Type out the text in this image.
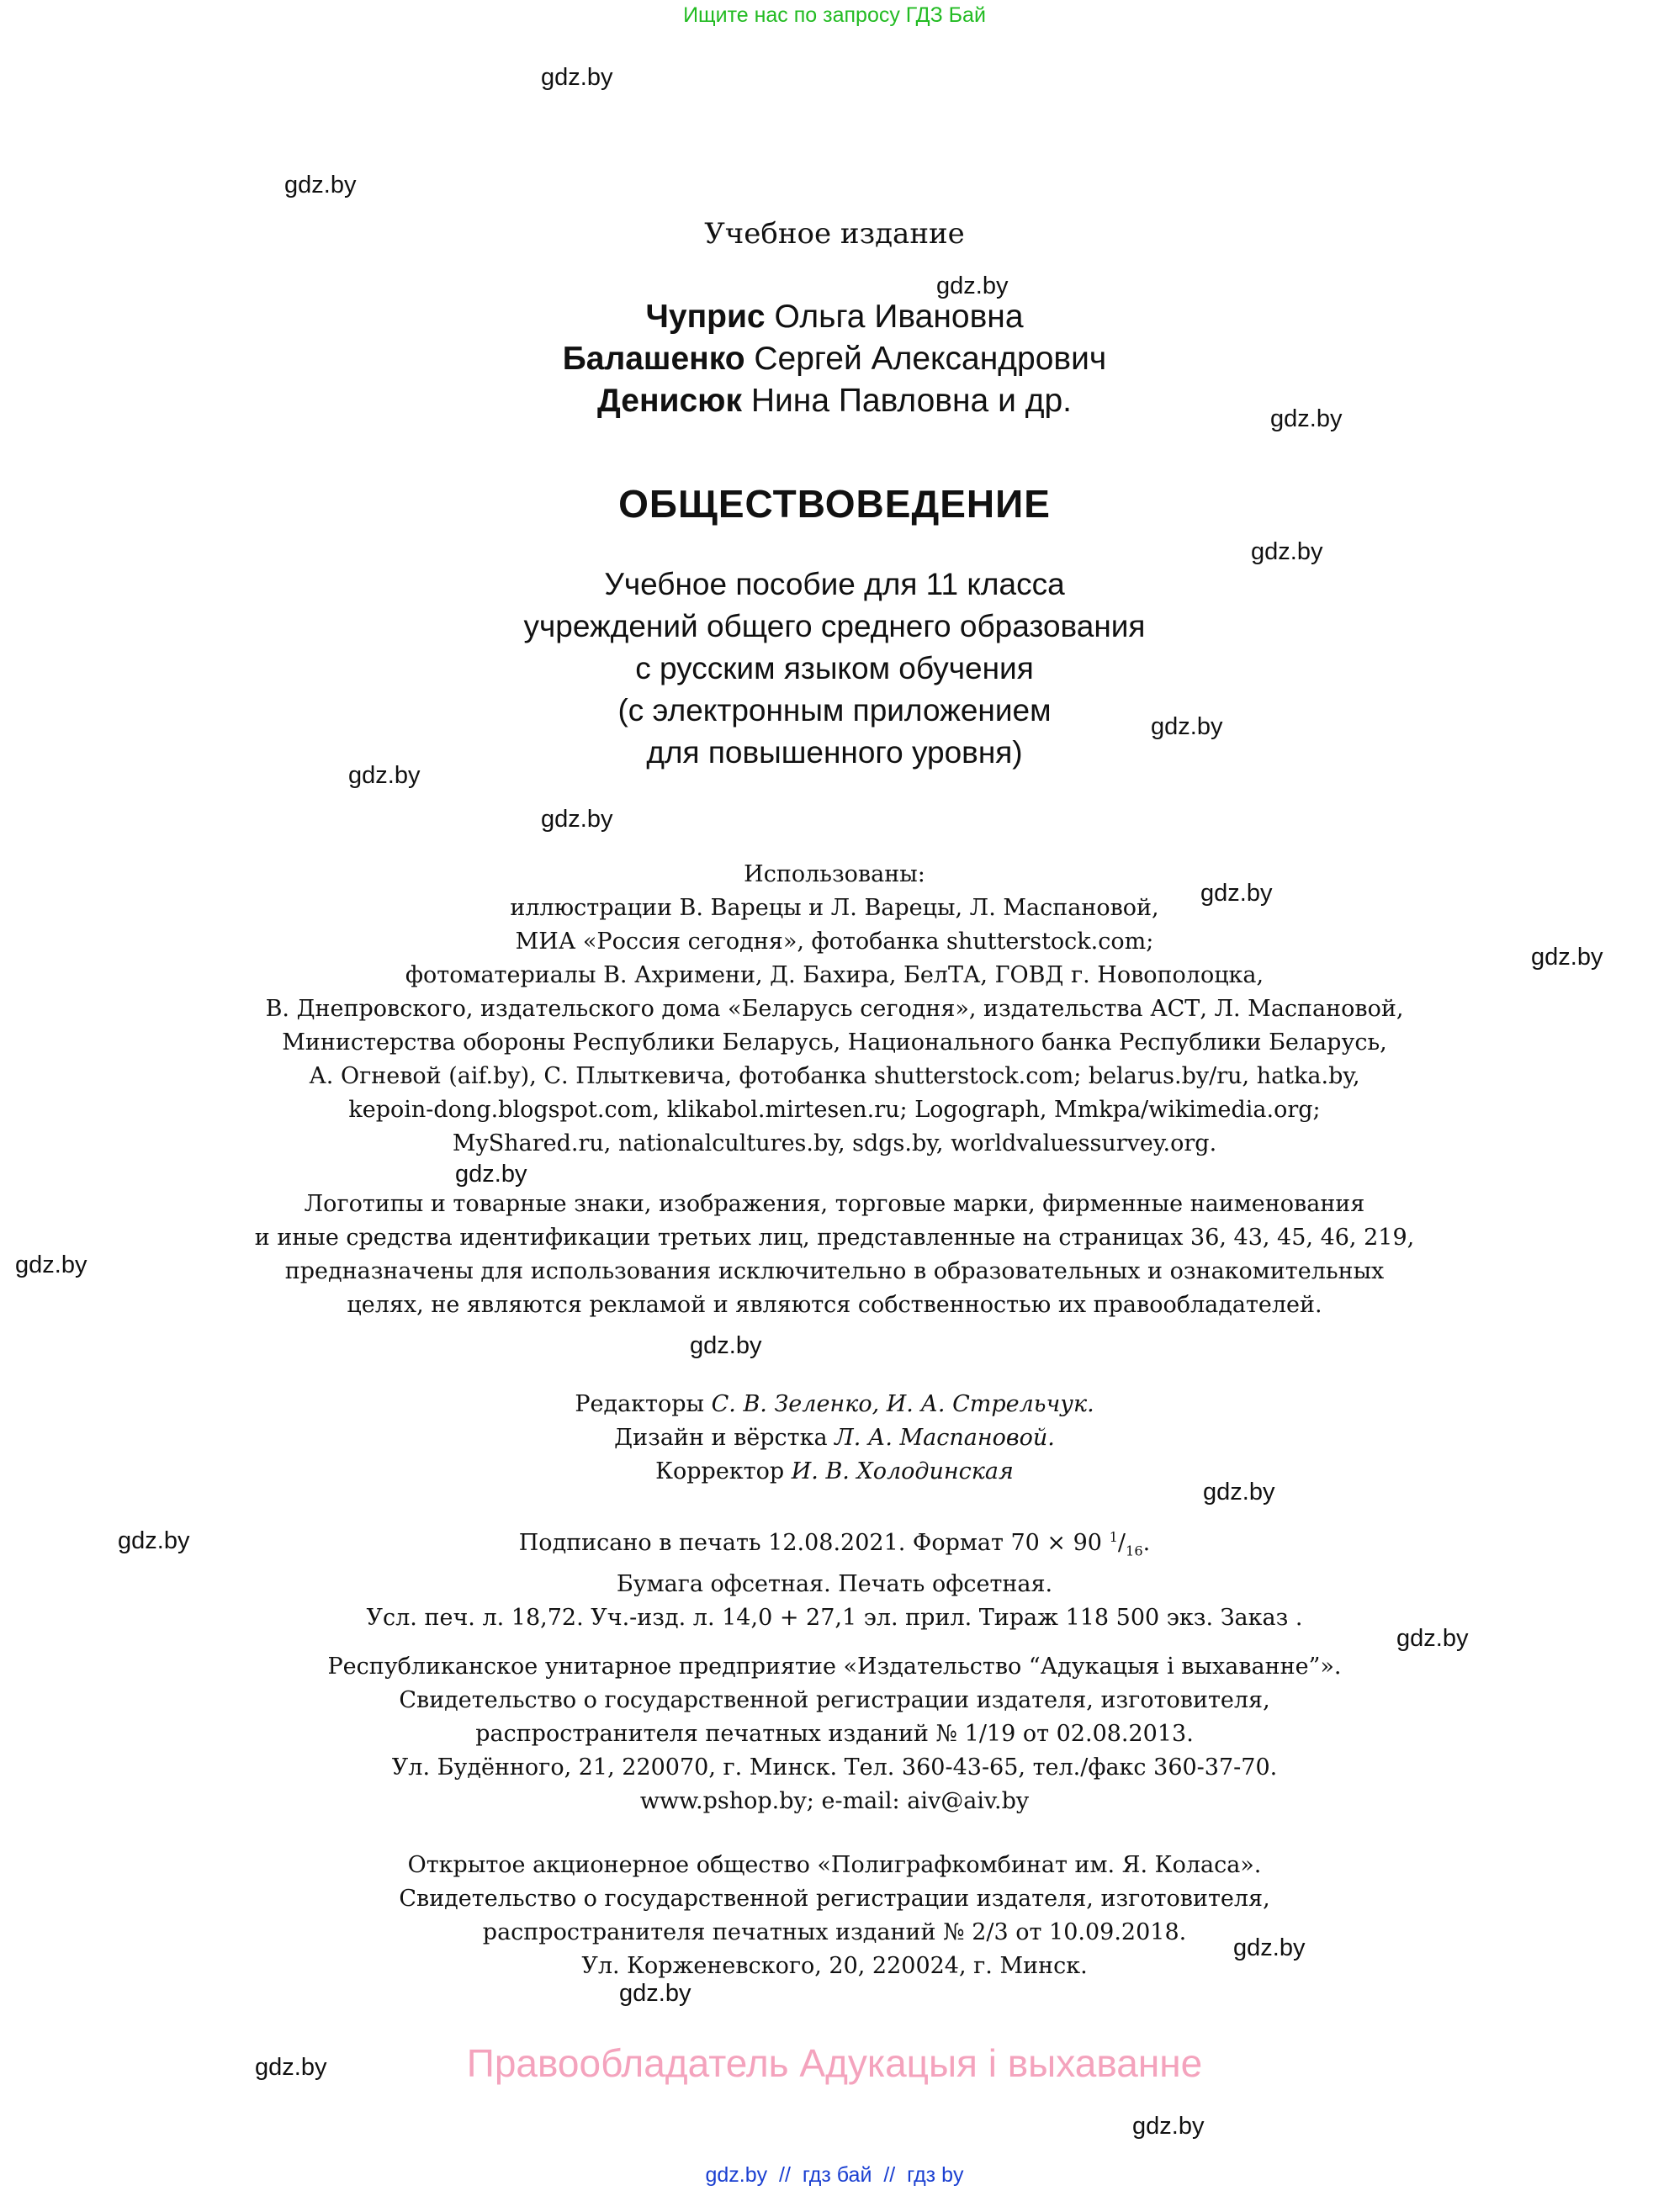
Ищите нас по запросу ГДЗ Бай
gdz.by
gdz.by
gdz.by
gdz.by
gdz.by
gdz.by
gdz.by
gdz.by
gdz.by
gdz.by
gdz.by
gdz.by
gdz.by
gdz.by
gdz.by
gdz.by
gdz.by
gdz.by
gdz.by
gdz.by
Учебное издание
Чуприс Ольга Ивановна
Балашенко Сергей Александрович
Денисюк Нина Павловна и др.
ОБЩЕСТВОВЕДЕНИЕ
Учебное пособие для 11 класса
учреждений общего среднего образования
с русским языком обучения
(с электронным приложением
для повышенного уровня)
Использованы:
иллюстрации В. Варецы и Л. Варецы, Л. Маспановой,
МИА «Россия сегодня», фотобанка shutterstock.com;
фотоматериалы В. Ахримени, Д. Бахира, БелТА, ГОВД г. Новополоцка,
В. Днепровского, издательского дома «Беларусь сегодня», издательства АСТ, Л. Маспановой,
Министерства обороны Республики Беларусь, Национального банка Республики Беларусь,
А. Огневой (aif.by), С. Плыткевича, фотобанка shutterstock.com; belarus.by/ru, hatka.by,
kepoin-dong.blogspot.com, klikabol.mirtesen.ru; Logograph, Mmkpa/wikimedia.org;
MyShared.ru, nationalcultures.by, sdgs.by, worldvaluessurvey.org.
Логотипы и товарные знаки, изображения, торговые марки, фирменные наименования
и иные средства идентификации третьих лиц, представленные на страницах 36, 43, 45, 46, 219,
предназначены для использования исключительно в образовательных и ознакомительных
целях, не являются рекламой и являются собственностью их правообладателей.
Редакторы С. В. Зеленко, И. А. Стрельчук.
Дизайн и вёрстка Л. А. Маспановой.
Корректор И. В. Холодинская
Подписано в печать 12.08.2021. Формат 70 × 90 $^1/_{16}$.
Бумага офсетная. Печать офсетная.
Усл. печ. л. 18,72. Уч.-изд. л. 14,0 + 27,1 эл. прил. Тираж 118 500 экз. Заказ .
Республиканское унитарное предприятие «Издательство “Адукацыя і выхаванне”».
Свидетельство о государственной регистрации издателя, изготовителя,
распространителя печатных изданий № 1/19 от 02.08.2013.
Ул. Будённого, 21, 220070, г. Минск. Тел. 360-43-65, тел./факс 360-37-70.
www.pshop.by; e-mail: aiv@aiv.by
Открытое акционерное общество «Полиграфкомбинат им. Я. Коласа».
Свидетельство о государственной регистрации издателя, изготовителя,
распространителя печатных изданий № 2/3 от 10.09.2018.
Ул. Корженевского, 20, 220024, г. Минск.
Правообладатель Адукацыя і выхаванне
gdz.by  //  гдз бай  //  гдз by
